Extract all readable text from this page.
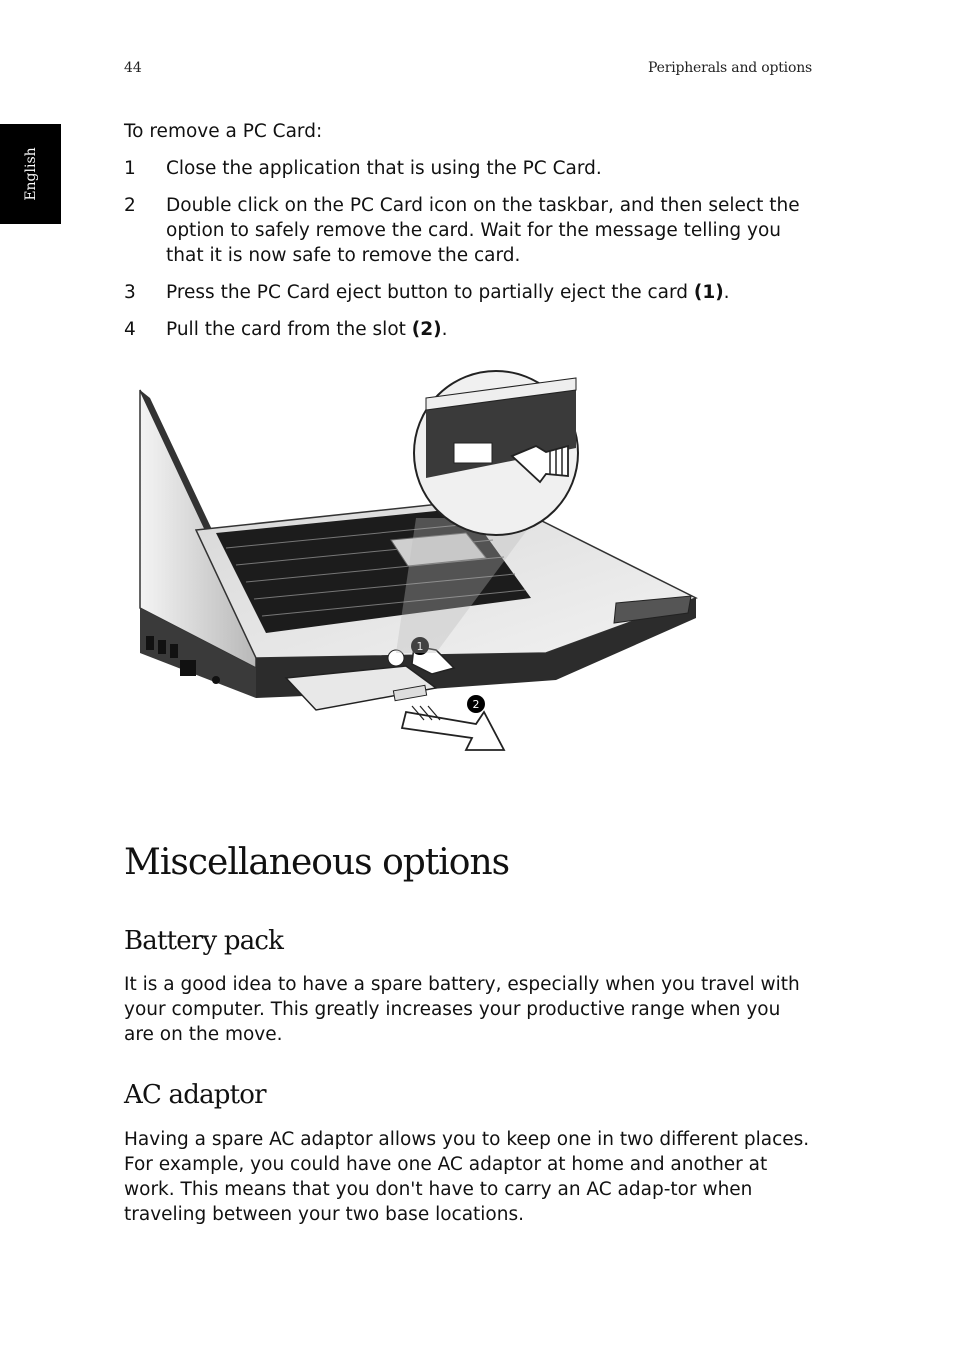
44	Peripherals and options
English
To remove a PC Card:
1 Close the application that is using the PC Card.
2 Double click on the PC Card icon on the taskbar, and then select the option to safely remove the card. Wait for the message telling you that it is now safe to remove the card.
3 Press the PC Card eject button to partially eject the card (1).
4 Pull the card from the slot (2).
1
2
Miscellaneous options
Battery pack
It is a good idea to have a spare battery, especially when you travel with your computer. This greatly increases your productive range when you are on the move.
AC adaptor
Having a spare AC adaptor allows you to keep one in two different places. For example, you could have one AC adaptor at home and another at work. This means that you don't have to carry an AC adap-tor when traveling between your two base locations.
